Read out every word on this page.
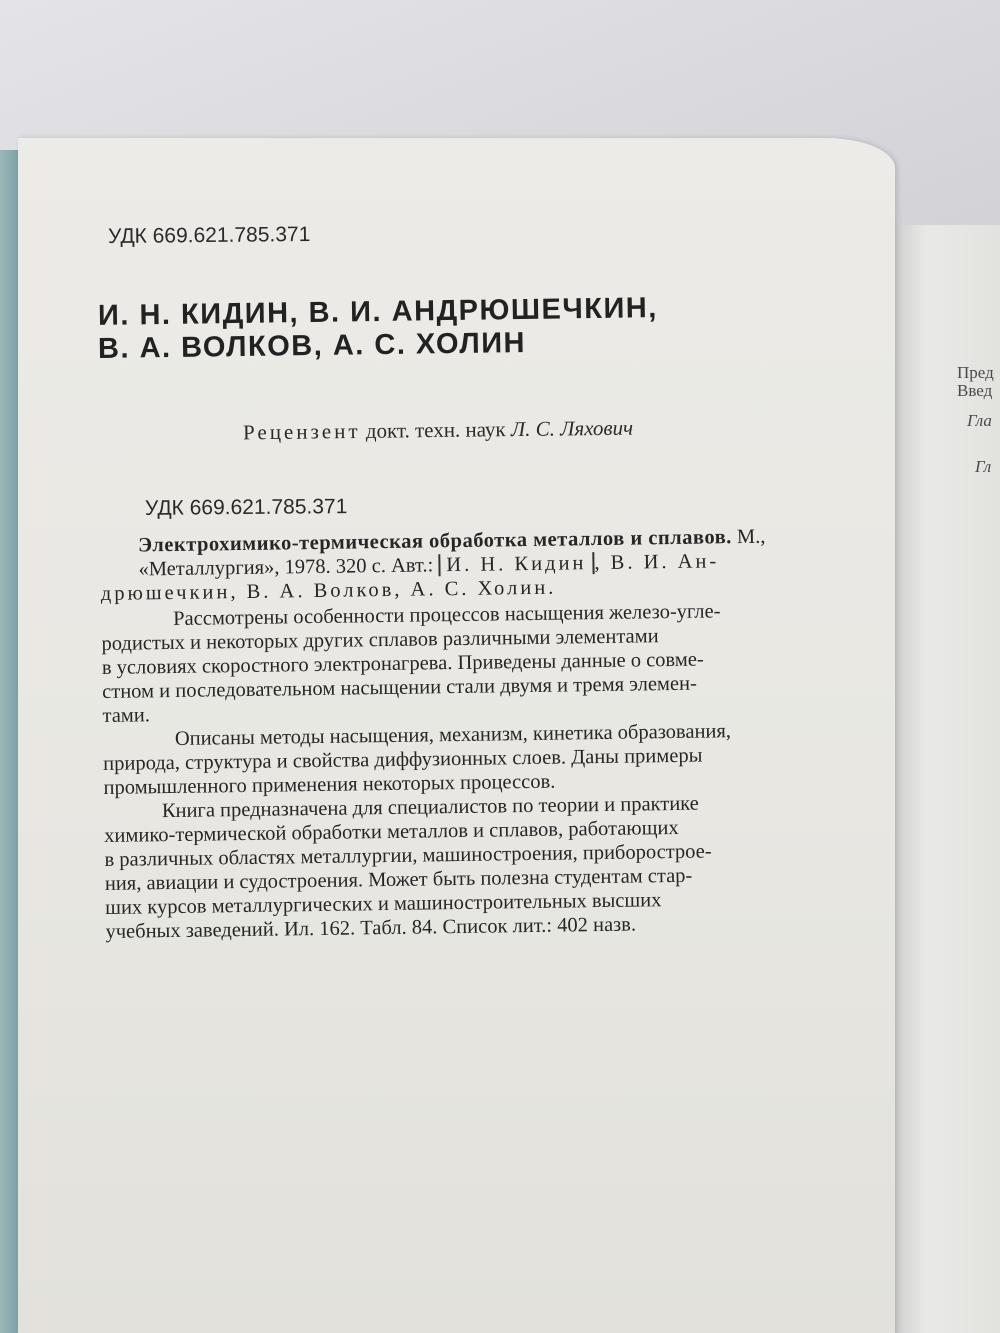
Пред
Введ
Гла
Гл
УДК 669.621.785.371
И. Н. КИДИН, В. И. АНДРЮШЕЧКИН,
В. А. ВОЛКОВ, А. С. ХОЛИН
Рецензент докт. техн. наук Л. С. Ляхович
УДК 669.621.785.371
Электрохимико-термическая обработка металлов и сплавов. М.,
«Металлургия», 1978. 320 с. Авт.: И. Н. Кидин , В. И. Ан-
дрюшечкин, В. А. Волков, А. С. Холин.
Рассмотрены особенности процессов насыщения железо-угле-
родистых и некоторых других сплавов различными элементами
в условиях скоростного электронагрева. Приведены данные о совме-
стном и последовательном насыщении стали двумя и тремя элемен-
тами.
Описаны методы насыщения, механизм, кинетика образования,
природа, структура и свойства диффузионных слоев. Даны примеры
промышленного применения некоторых процессов.
Книга предназначена для специалистов по теории и практике
химико-термической обработки металлов и сплавов, работающих
в различных областях металлургии, машиностроения, приборострое-
ния, авиации и судостроения. Может быть полезна студентам стар-
ших курсов металлургических и машиностроительных высших
учебных заведений. Ил. 162. Табл. 84. Список лит.: 402 назв.
